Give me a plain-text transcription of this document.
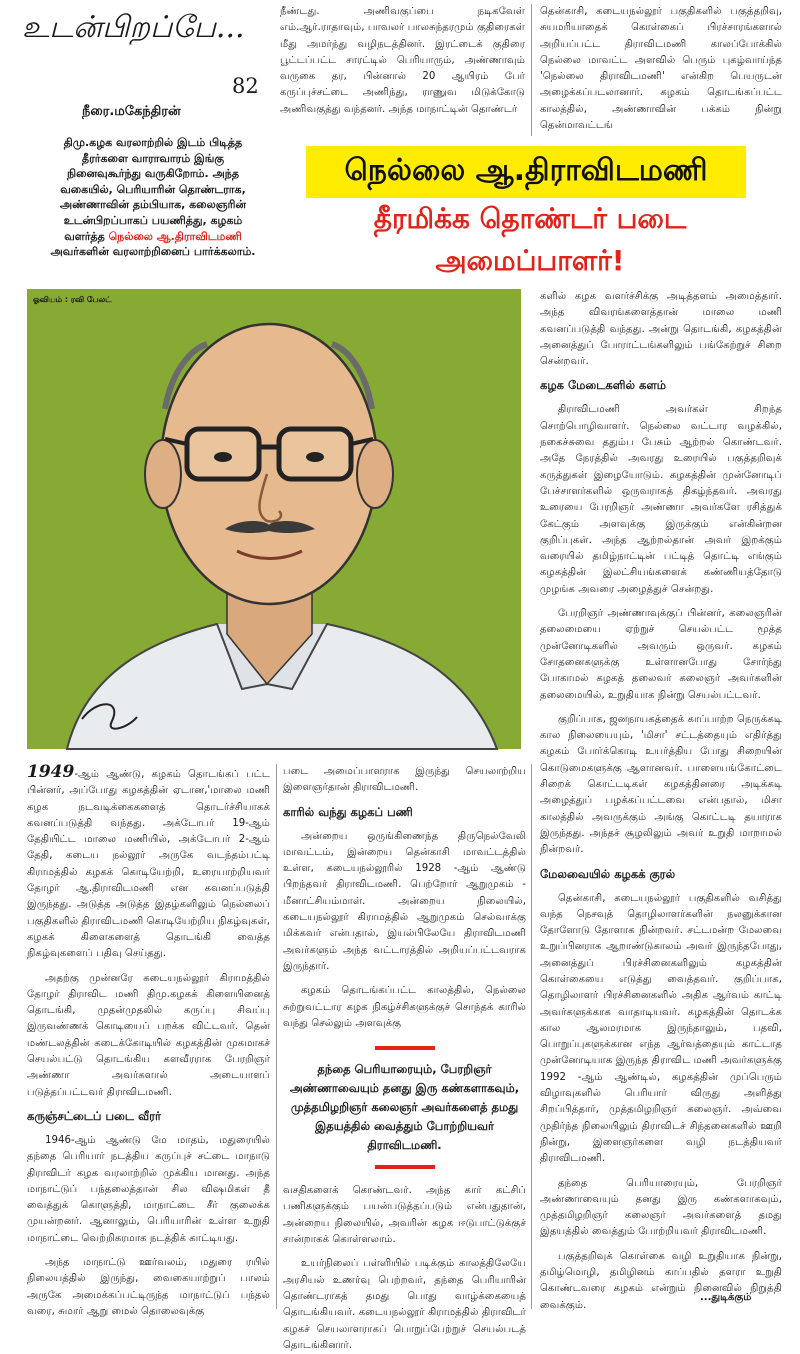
உடன்பிறப்பே...
82
நீரை.மகேந்திரன்
திமு.கழக வரலாற்றில் இடம் பிடித்த தீரர்களை வாராவாரம் இங்கு நினைவுகூர்ந்து வருகிறோம். அந்த வகையில், பெரியாரின் தொண்டராக, அண்ணாவின் தம்பியாக, கலைஞரின் உடன்பிறப்பாகப் பயணித்து, கழகம் வளர்த்த நெல்லை ஆ.திராவிடமணி அவர்களின் வரலாற்றினைப் பார்க்கலாம்.

நீண்டது. அணிவகுப்பை நடிகவேள் எம்.ஆர்.ராதாவும், பாவலர் பாலசுந்தரமும் குதிரைகள் மீது அமர்ந்து வழிநடத்தினர். இரட்டைக் குதிரை பூட்டப்பட்ட சாரட்டில் பெரியாரும், அண்ணாவும் வருகை தர, பின்னால் 20 ஆயிரம் பேர் கருப்புச்சட்டை அணிந்து, ராணுவ மிடுக்கோடு அணிவகுத்து வந்தனர். அந்த மாநாட்டின் தொண்டர்

தென்காசி, கடையநல்லூர் பகுதிகளில் பகுத்தறிவு, சுயமரியாதைக் கொள்கைப் பிரச்சாரங்களால் அறியப்பட்ட திராவிடமணி காலப்போக்கில் நெல்லை மாவட்ட அளவில் பெரும் புகழ்வாய்ந்த 'நெல்லை திராவிடமணி' என்கிற பெயருடன் அழைக்கப்படலானார். கழகம் தொடங்கப்பட்ட காலத்தில், அண்ணாவின் பக்கம் நின்று தென்மாவட்டங்

நெல்லை ஆ.திராவிடமணி
தீரமிக்க தொண்டர் படை
அமைப்பாளர்!
ஓவியம் : ரவி பேலட்	களில் கழக வளர்ச்சிக்கு அடித்தளம் அமைத்தார். அந்த விவரங்களைத்தான் மாலை மணி கவனப்படுத்தி வந்தது. அன்று தொடங்கி, கழகத்தின் அனைத்துப் போராட்டங்களிலும் பங்கேற்றுச் சிறை சென்றவர்.

கழக மேடைகளில் களம்

திராவிடமணி அவர்கள் சிறந்த சொற்பொழிவாளர். நெல்லை வட்டார வழக்கில், நகைச்சுவை ததும்ப பேசும் ஆற்றல் கொண்டவர். அதே நேரத்தில் அவரது உரையில் பகுத்தறிவுக் கருத்துகள் இழையோடும். கழகத்தின் முன்னோடிப் பேச்சாளர்களில் ஒருவராகத் திகழ்ந்தவர். அவரது உரையை பேரறிஞர் அண்ணா அவர்களே ரசித்துக் கேட்கும் அளவுக்கு இருக்கும் என்கின்றன குறிப்புகள். அந்த ஆற்றல்தான் அவர் இறக்கும் வரையில் தமிழ்நாட்டின் பட்டித் தொட்டி எங்கும் கழகத்தின் இலட்சியங்களைக் கண்ணியத்தோடு முழங்க அவரை அழைத்துச் சென்றது.

பேரறிஞர் அண்ணாவுக்குப் பின்னர், கலைஞரின் தலைமையை ஏற்றுச் செயல்பட்ட மூத்த முன்னோடிகளில் அவரும் ஒருவர். கழகம் சோதனைகளுக்கு உள்ளானபோது சோர்ந்து போகாமல் கழகத் தலைவர் கலைஞர் அவர்களின் தலைமையில், உறுதியாக நின்று செயல்பட்டவர்.

குறிப்பாக, ஜனநாயகத்தைக் காப்பாற்ற நெருக்கடி கால நிலையையும், 'மிசா' சட்டத்தையும் எதிர்த்து கழகம் போர்க்கொடி உயர்த்திய போது சிறையின் கொடுமைகளுக்கு ஆளானவர். பாளையங்கோட்டை சிறைக் கொட்டடிகள் கழகத்தினரை அடிக்கடி அழைத்துப் பழக்கப்பட்டவை என்பதால், மிசா காலத்தில் அவருக்கும் அங்கு கொட்டடி தயாராக இருந்தது. அந்தச் சூழலிலும் அவர் உறுதி மாறாமல் நின்றவர்.

மேலவையில் கழகக் குரல்

தென்காசி, கடையநல்லூர் பகுதிகளில் வசித்து வந்த நெசவுத் தொழிலாளர்களின் நலனுக்கான தோளோடு தோளாக நின்றவர். சட்டமன்ற மேலவை உறுப்பினராக ஆறாண்டுகாலம் அவர் இருந்தபோது, அனைத்துப் பிரச்சினைகளிலும் கழகத்தின் கொள்கையை எடுத்து வைத்தவர். குறிப்பாக, தொழிலாளர் பிரச்சினைகளில் அதிக ஆர்வம் காட்டி அவர்களுக்காக வாதாடியவர். கழகத்தின் தொடக்க கால ஆலமரமாக இருந்தாலும், பதவி, பொறுப்புகளுக்கான எந்த ஆர்வத்தையும் காட்டாத முன்னோடியாக இருந்த திராவிட மணி அவர்களுக்கு 1992 -ஆம் ஆண்டில், கழகத்தின் முப்பெரும் விழாவுகளில் பெரியார் விருது அளித்து சிறப்பித்தார், முத்தமிழறிஞர் கலைஞர். அவ்வை முதிர்ந்த நிலையிலும் திராவிடச் சிந்தனைகளில் ஊறி நின்று, இளைஞர்களை வழி நடத்தியவர் திராவிடமணி.

தந்தை பெரியாரையும், பேரறிஞர் அண்ணாவையும் தனது இரு கண்களாகவும், முத்தமிழறிஞர் கலைஞர் அவர்களைத் தமது இதயத்தில் வைத்தும் போற்றியவர் திராவிடமணி.

பகுத்தறிவுக் கொள்கை வழி உறுதியாக நின்று, தமிழ்மொழி, தமிழினம் காப்பதில் தளரா உறுதி கொண்டவரை கழகம் என்றும் நினைவில் நிறுத்தி வைக்கும்.

1949-ஆம் ஆண்டு, கழகம் தொடங்கப் பட்ட பின்னர், அப்போது கழகத்தின் ஏடான,'மாலை மணி கழக நடவடிக்கைகளைத் தொடர்ச்சியாகக் கவனப்படுத்தி வந்தது. அக்டோபர் 19-ஆம் தேதியிட்ட மாலை மணியில், அக்டோபர் 2-ஆம் தேதி, கடைய நல்லூர் அருகே வடந்தம்பட்டி கிராமத்தில் கழகக் கொடியேற்றி, உரையாற்றியவர் தோழர் ஆ.திராவிடமணி என கவனப்படுத்தி இருந்தது. அடுத்த அடுத்த இதழ்களிலும் நெல்லைப் பகுதிகளில் திராவிடமணி கொடியேற்றிய நிகழ்வுகள், கழகக் கிளைகளைத் தொடங்கி வைத்த நிகழ்வுகளைப் பதிவு செய்தது.

அதற்கு முன்னரே கடையநல்லூர் கிராமத்தில் தோழர் திராவிட மணி திமு.கழகக் கிளையினைத் தொடங்கி, முதன்முதலில் கருப்பு சிவப்பு இருவண்ணக் கொடியைப் பறக்க விட்டவர். தென் மண்டலத்தின் கடைக்கோடியில் கழகத்தின் முகமாகச் செயல்பட்டு தொடங்கிய களவீரராக பேரறிஞர் அண்ணா அவர்களால் அடையாளப் படுத்தப்பட்டவர் திராவிடமணி.

கருஞ்சட்டைப் படை வீரர்

1946-ஆம் ஆண்டு மே மாதம், மதுரையில் தந்தை பெரியார் நடத்திய கருப்புச் சட்டை மாநாடு திராவிடர் கழக வரலாற்றில் முக்கிய மானது. அந்த மாநாட்டுப் பந்தலைத்தான் சில விஷமிகள் தீ வைத்துக் கொளுத்தி, மாநாட்டை சீர் குலைக்க முயன்றனர். ஆனாலும், பெரியாரின் உள்ள உறுதி மாநாட்டை வெற்றிகரமாக நடத்திக் காட்டியது.

அந்த மாநாட்டு ஊர்வலம், மதுரை ரயில் நிலையத்தில் இருந்து, வைகையாற்றுப் பாலம் அருகே அமைக்கப்பட்டிருந்த மாநாட்டுப் பந்தல் வரை, சுமார் ஆறு மைல் தொலைவுக்கு

படை அமைப்பாளராக இருந்து செயலாற்றிய இளைஞர்தான் திராவிடமணி.

காரில் வந்து கழகப் பணி

அன்றைய ஒருங்கிணைந்த திருநெல்வேலி மாவட்டம், இன்றைய தென்காசி மாவட்டத்தில் உள்ள, கடையநல்லூரில் 1928 -ஆம் ஆண்டு பிறந்தவர் திராவிடமணி. பெற்றோர் ஆறுமுகம் - மீனாட்சியம்மாள். அன்றைய நிலையில், கடையநல்லூர் கிராமத்தில் ஆறுமுகம் செல்வாக்கு மிக்கவர் என்பதால், இயல்பிலேயே திராவிடமணி அவர்களும் அந்த வட்டாரத்தில் அறியப்பட்டவராக இருந்தார்.

கழகம் தொடங்கப்பட்ட காலத்தில், நெல்லை சுற்றுவட்டார கழக நிகழ்ச்சிகளுக்குச் சொந்தக் காரில் வந்து செல்லும் அளவுக்கு

தந்தை பெரியாரையும், பேரறிஞர் அண்ணாவையும் தனது இரு கண்களாகவும், முத்தமிழறிஞர் கலைஞர் அவர்களைத் தமது இதயத்தில் வைத்தும் போற்றியவர் திராவிடமணி.

வசதிகளைக் கொண்டவர். அந்த கார் கட்சிப் பணிகளுக்கும் பயன்படுத்தப்படும் என்பதுதான், அன்றைய நிலையில், அவரின் கழக ஈடுபாட்டுக்குச் சான்றாகக் கொள்ளலாம்.

உயர்நிலைப் பள்ளியில் படிக்கும் காலத்திலேயே அரசியல் உணர்வு பெற்றவர், தந்தை பெரியாரின் தொண்டராகத் தமது பொது வாழ்க்கையைத் தொடங்கியவர். கடையநல்லூர் கிராமத்தில் திராவிடர் கழகச் செயலாளராகப் பொறுப்பேற்றுச் செயல்படத் தொடங்கினார்.

...துடிக்கும்
